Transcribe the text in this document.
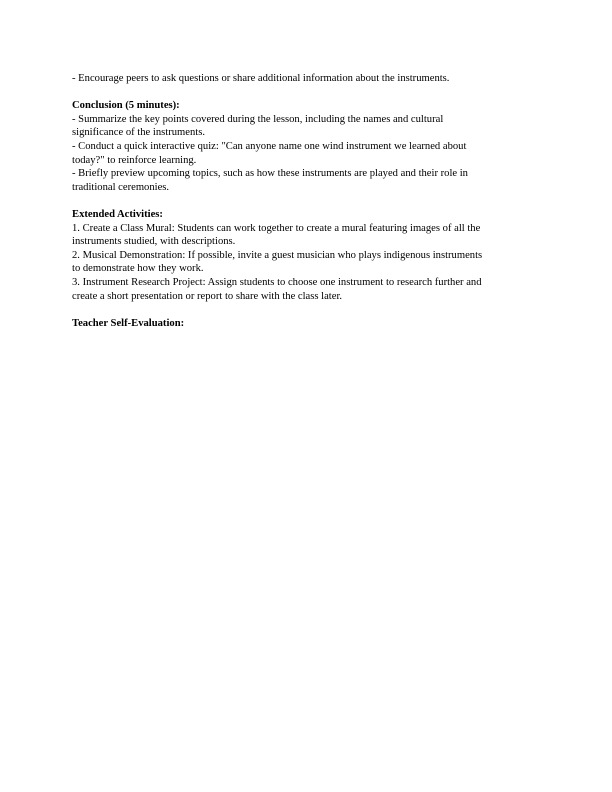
- Encourage peers to ask questions or share additional information about the instruments.
Conclusion (5 minutes):
- Summarize the key points covered during the lesson, including the names and cultural
significance of the instruments.
- Conduct a quick interactive quiz: "Can anyone name one wind instrument we learned about
today?" to reinforce learning.
- Briefly preview upcoming topics, such as how these instruments are played and their role in
traditional ceremonies.
Extended Activities:
1. Create a Class Mural: Students can work together to create a mural featuring images of all the
instruments studied, with descriptions.
2. Musical Demonstration: If possible, invite a guest musician who plays indigenous instruments
to demonstrate how they work.
3. Instrument Research Project: Assign students to choose one instrument to research further and
create a short presentation or report to share with the class later.
Teacher Self-Evaluation:
